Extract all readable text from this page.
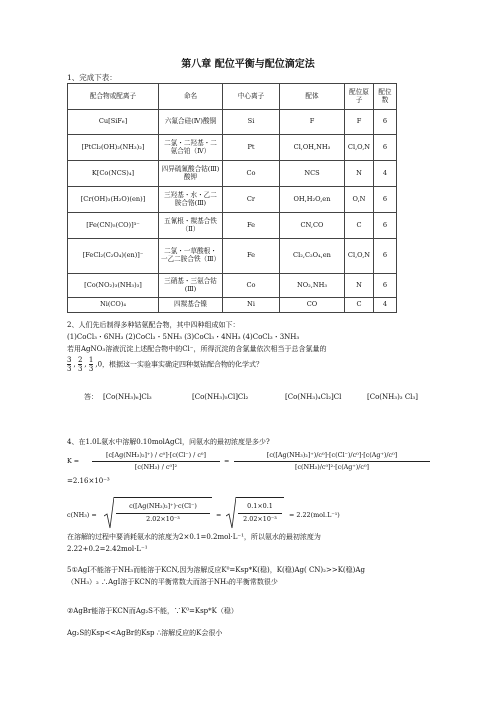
第八章 配位平衡与配位滴定法
1、完成下表：
配合物或配离子	命名	中心离子	配体	配位原子	配位数
Cu[SiF₆]	六氟合硅(Ⅳ)酸铜	Si	F	F	6
[PtCl₂(OH)₂(NH₃)₂]	二氯・二羟基・二氨合铂（Ⅳ）	Pt	Cl,OH,NH₃	Cl,O,N	6
K[Co(NCS)₄]	四异硫氰酸合钴(Ⅲ)酸钾	Co	NCS	N	4
[Cr(OH)₃(H₂O)(en)]	三羟基・水・乙二胺合铬(Ⅲ)	Cr	OH,H₂O,en	O,N	6
[Fe(CN)₅(CO)]³⁻	五氰根・羰基合铁（Ⅱ）	Fe	CN,CO	C	6
[FeCl₂(C₂O₄)(en)]⁻	二氯・一草酸根・一乙二胺合铁（Ⅲ）	Fe	Cl₂,C₂O₄,en	Cl,O,N	6
[Co(NO₂)₃(NH₃)₃]	三硝基・三氨合钴(Ⅲ)	Co	NO₂,NH₃	N	6
Ni(CO)₄	四羰基合镍	Ni	CO	C	4
2、人们先后制得多种钴氨配合物，其中四种组成如下：
(1)CoCl₃・6NH₃ (2)CoCl₃・5NH₃ (3)CoCl₃・4NH₃ (4)CoCl₃・3NH₃
若用AgNO₃溶液沉淀上述配合物中的Cl⁻，所得沉淀的含氯量依次相当于总含氯量的
$\frac{3}{3}$ , $\frac{2}{3}$ , $\frac{1}{3} ,0$，根据这一实验事实确定四种氨钴配合物的化学式？
答： [Co(NH₃)₆]Cl₃	[Co(NH₃)₅Cl]Cl₂	[Co(NH₃)₄Cl₂]Cl	[Co(NH₃)₃ Cl₃]
4、在1.0L氨水中溶解0.10molAgCl，问氨水的最初浓度是多少?
K =
[c[Ag(NH₃)₂]⁺) / c⁰]·[c(Cl⁻) / c⁰]
[c(NH₃) / c⁰]²
=
[c([Ag(NH₃)₂]⁺)/c⁰]·[c(Cl⁻)/c⁰]·[c(Ag⁺)/c⁰]
[c(NH₃)/c⁰]²·[c(Ag⁺)/c⁰]
=2.16×10⁻³
c(NH₃) =
c([Ag(NH₃)₂]⁺)·c(Cl⁻)
2.02×10⁻³	=
0.1×0.1
2.02×10⁻³	= 2.22(mol.L⁻¹)
在溶解的过程中要消耗氨水的浓度为2×0.1=0.2mol·L⁻¹，所以氨水的最初浓度为
2.22+0.2=2.42mol·L⁻¹
5①AgI不能溶于NH₃而能溶于KCN,因为溶解反应K⁰=Ksp*K(稳)，K(稳)Ag( CN)₂>>K(稳)Ag
（NH₃）₂ ∴AgI溶于KCN的平衡常数大而溶于NH₃的平衡常数很少
②AgBr能溶于KCN而Ag₂S不能，∵K⁰=Ksp*K（稳）
Ag₂S的Ksp<<AgBr的Ksp ∴溶解反应的K会很小
